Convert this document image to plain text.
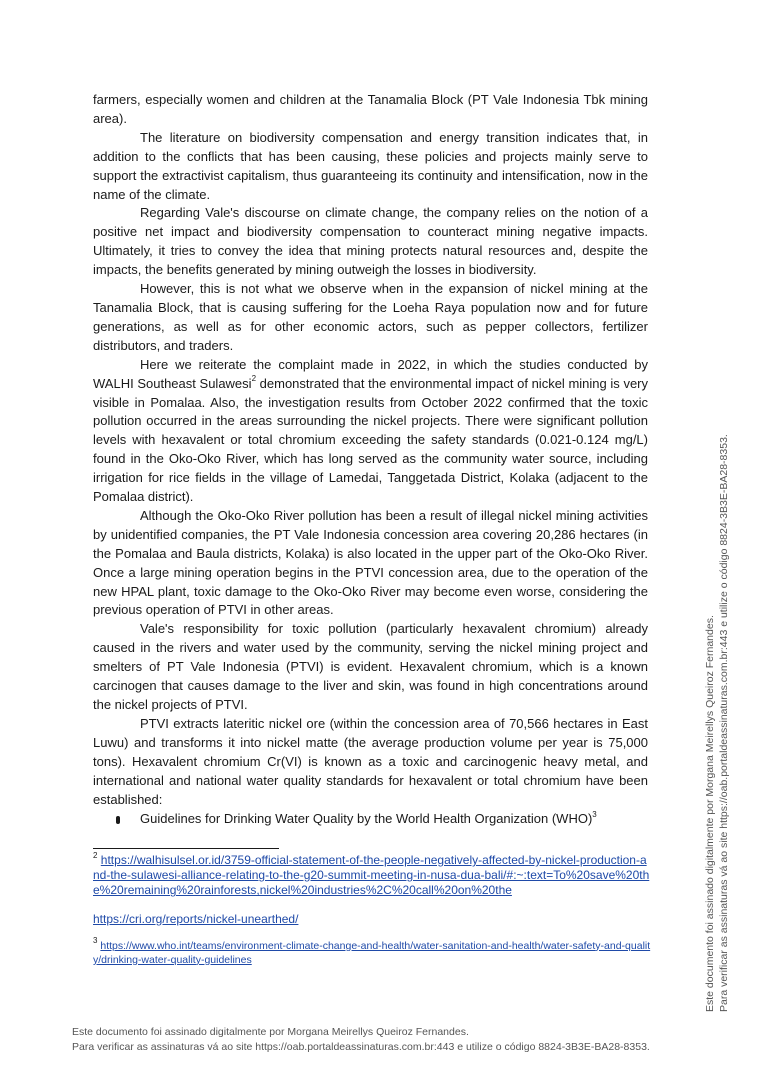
farmers, especially women and children at the Tanamalia Block (PT Vale Indonesia Tbk mining area).

The literature on biodiversity compensation and energy transition indicates that, in addition to the conflicts that has been causing, these policies and projects mainly serve to support the extractivist capitalism, thus guaranteeing its continuity and intensification, now in the name of the climate.

Regarding Vale's discourse on climate change, the company relies on the notion of a positive net impact and biodiversity compensation to counteract mining negative impacts. Ultimately, it tries to convey the idea that mining protects natural resources and, despite the impacts, the benefits generated by mining outweigh the losses in biodiversity.

However, this is not what we observe when in the expansion of nickel mining at the Tanamalia Block, that is causing suffering for the Loeha Raya population now and for future generations, as well as for other economic actors, such as pepper collectors, fertilizer distributors, and traders.

Here we reiterate the complaint made in 2022, in which the studies conducted by WALHI Southeast Sulawesi$^2$ demonstrated that the environmental impact of nickel mining is very visible in Pomalaa. Also, the investigation results from October 2022 confirmed that the toxic pollution occurred in the areas surrounding the nickel projects. There were significant pollution levels with hexavalent or total chromium exceeding the safety standards (0.021-0.124 mg/L) found in the Oko-Oko River, which has long served as the community water source, including irrigation for rice fields in the village of Lamedai, Tanggetada District, Kolaka (adjacent to the Pomalaa district).

Although the Oko-Oko River pollution has been a result of illegal nickel mining activities by unidentified companies, the PT Vale Indonesia concession area covering 20,286 hectares (in the Pomalaa and Baula districts, Kolaka) is also located in the upper part of the Oko-Oko River. Once a large mining operation begins in the PTVI concession area, due to the operation of the new HPAL plant, toxic damage to the Oko-Oko River may become even worse, considering the previous operation of PTVI in other areas.

Vale's responsibility for toxic pollution (particularly hexavalent chromium) already caused in the rivers and water used by the community, serving the nickel mining project and smelters of PT Vale Indonesia (PTVI) is evident. Hexavalent chromium, which is a known carcinogen that causes damage to the liver and skin, was found in high concentrations around the nickel projects of PTVI.

PTVI extracts lateritic nickel ore (within the concession area of 70,566 hectares in East Luwu) and transforms it into nickel matte (the average production volume per year is 75,000 tons). Hexavalent chromium Cr(VI) is known as a toxic and carcinogenic heavy metal, and international and national water quality standards for hexavalent or total chromium have been established:

Guidelines for Drinking Water Quality by the World Health Organization (WHO)$^3$

$^2$ https://walhisulsel.or.id/3759-official-statement-of-the-people-negatively-affected-by-nickel-production-and-the-sulawesi-alliance-relating-to-the-g20-summit-meeting-in-nusa-dua-bali/#:~:text=To%20save%20the%20remaining%20rainforests,nickel%20industries%2C%20call%20on%20the

https://cri.org/reports/nickel-unearthed/

$^3$ https://www.who.int/teams/environment-climate-change-and-health/water-sanitation-and-health/water-safety-and-quality/drinking-water-quality-guidelines

Este documento foi assinado digitalmente por Morgana Meirellys Queiroz Fernandes.
Para verificar as assinaturas vá ao site https://oab.portaldeassinaturas.com.br:443 e utilize o código 8824-3B3E-BA28-8353.
Este documento foi assinado digitalmente por Morgana Meirellys Queiroz Fernandes. Para verificar as assinaturas vá ao site https://oab.portaldeassinaturas.com.br:443 e utilize o código 8824-3B3E-BA28-8353.
